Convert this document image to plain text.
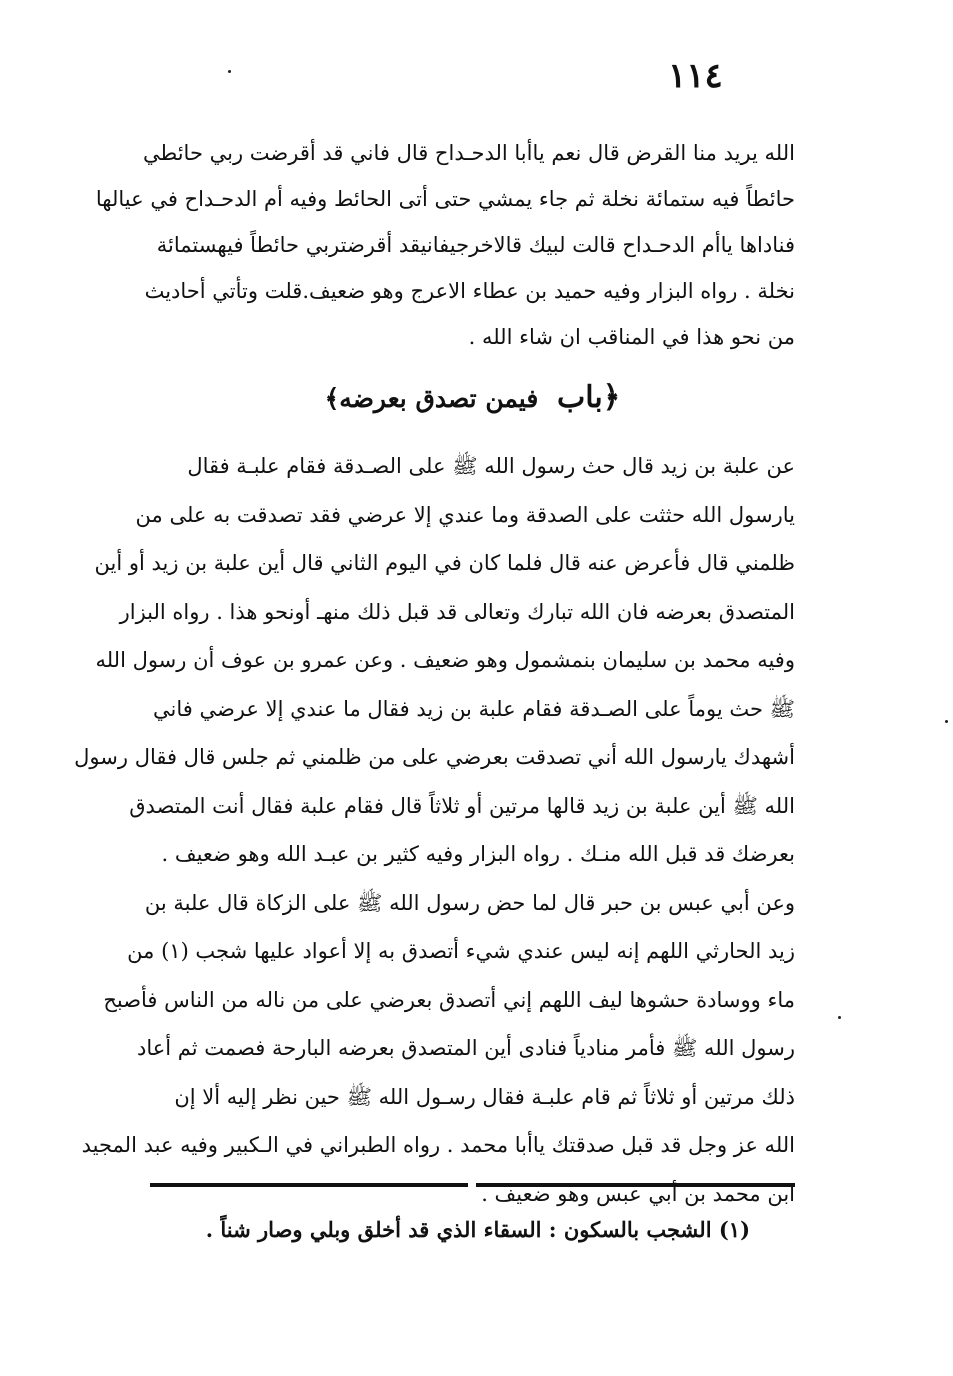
١١٤
الله يريد منا القرض قال نعم ياأبا الدحـداح قال فاني قد أقرضت ربي حائطي
حائطاً فيه ستمائة نخلة ثم جاء يمشي حتى أتى الحائط وفيه أم الدحـداح في عيالها
فناداها ياأم الدحـداح قالت لبيك قالاخرجيفانيقد أقرضتربي حائطاً فيهستمائة
نخلة . رواه البزار وفيه حميد بن عطاء الاعرج وهو ضعيف.قلت وتأتي أحاديث
من نحو هذا في المناقب ان شاء الله .
﴿باب فيمن تصدق بعرضه﴾
عن علبة بن زيد قال حث رسول الله ﷺ على الصـدقة فقام علبـة فقال
يارسول الله حثثت على الصدقة وما عندي إلا عرضي فقد تصدقت به على من
ظلمني قال فأعرض عنه قال فلما كان في اليوم الثاني قال أين علبة بن زيد أو أين
المتصدق بعرضه فان الله تبارك وتعالى قد قبل ذلك منهـ أونحو هذا . رواه البزار
وفيه محمد بن سليمان بنمشمول وهو ضعيف . وعن عمرو بن عوف أن رسول الله
ﷺ حث يوماً على الصـدقة فقام علبة بن زيد فقال ما عندي إلا عرضي فاني
أشهدك يارسول الله أني تصدقت بعرضي على من ظلمني ثم جلس قال فقال رسول
الله ﷺ أين علبة بن زيد قالها مرتين أو ثلاثاً قال فقام علبة فقال أنت المتصدق
بعرضك قد قبل الله منـك . رواه البزار وفيه كثير بن عبـد الله وهو ضعيف .
وعن أبي عبس بن حبر قال لما حض رسول الله ﷺ على الزكاة قال علبة بن
زيد الحارثي اللهم إنه ليس عندي شيء أتصدق به إلا أعواد عليها شجب (١) من
ماء ووسادة حشوها ليف اللهم إني أتصدق بعرضي على من ناله من الناس فأصبح
رسول الله ﷺ فأمر منادياً فنادى أين المتصدق بعرضه البارحة فصمت ثم أعاد
ذلك مرتين أو ثلاثاً ثم قام علبـة فقال رسـول الله ﷺ حين نظر إليه ألا إن
الله عز وجل قد قبل صدقتك ياأبا محمد . رواه الطبراني في الـكبير وفيه عبد المجيد
ابن محمد بن أبي عبس وهو ضعيف .
(١) الشجب بالسكون : السقاء الذي قد أخلق وبلي وصار شناً .
